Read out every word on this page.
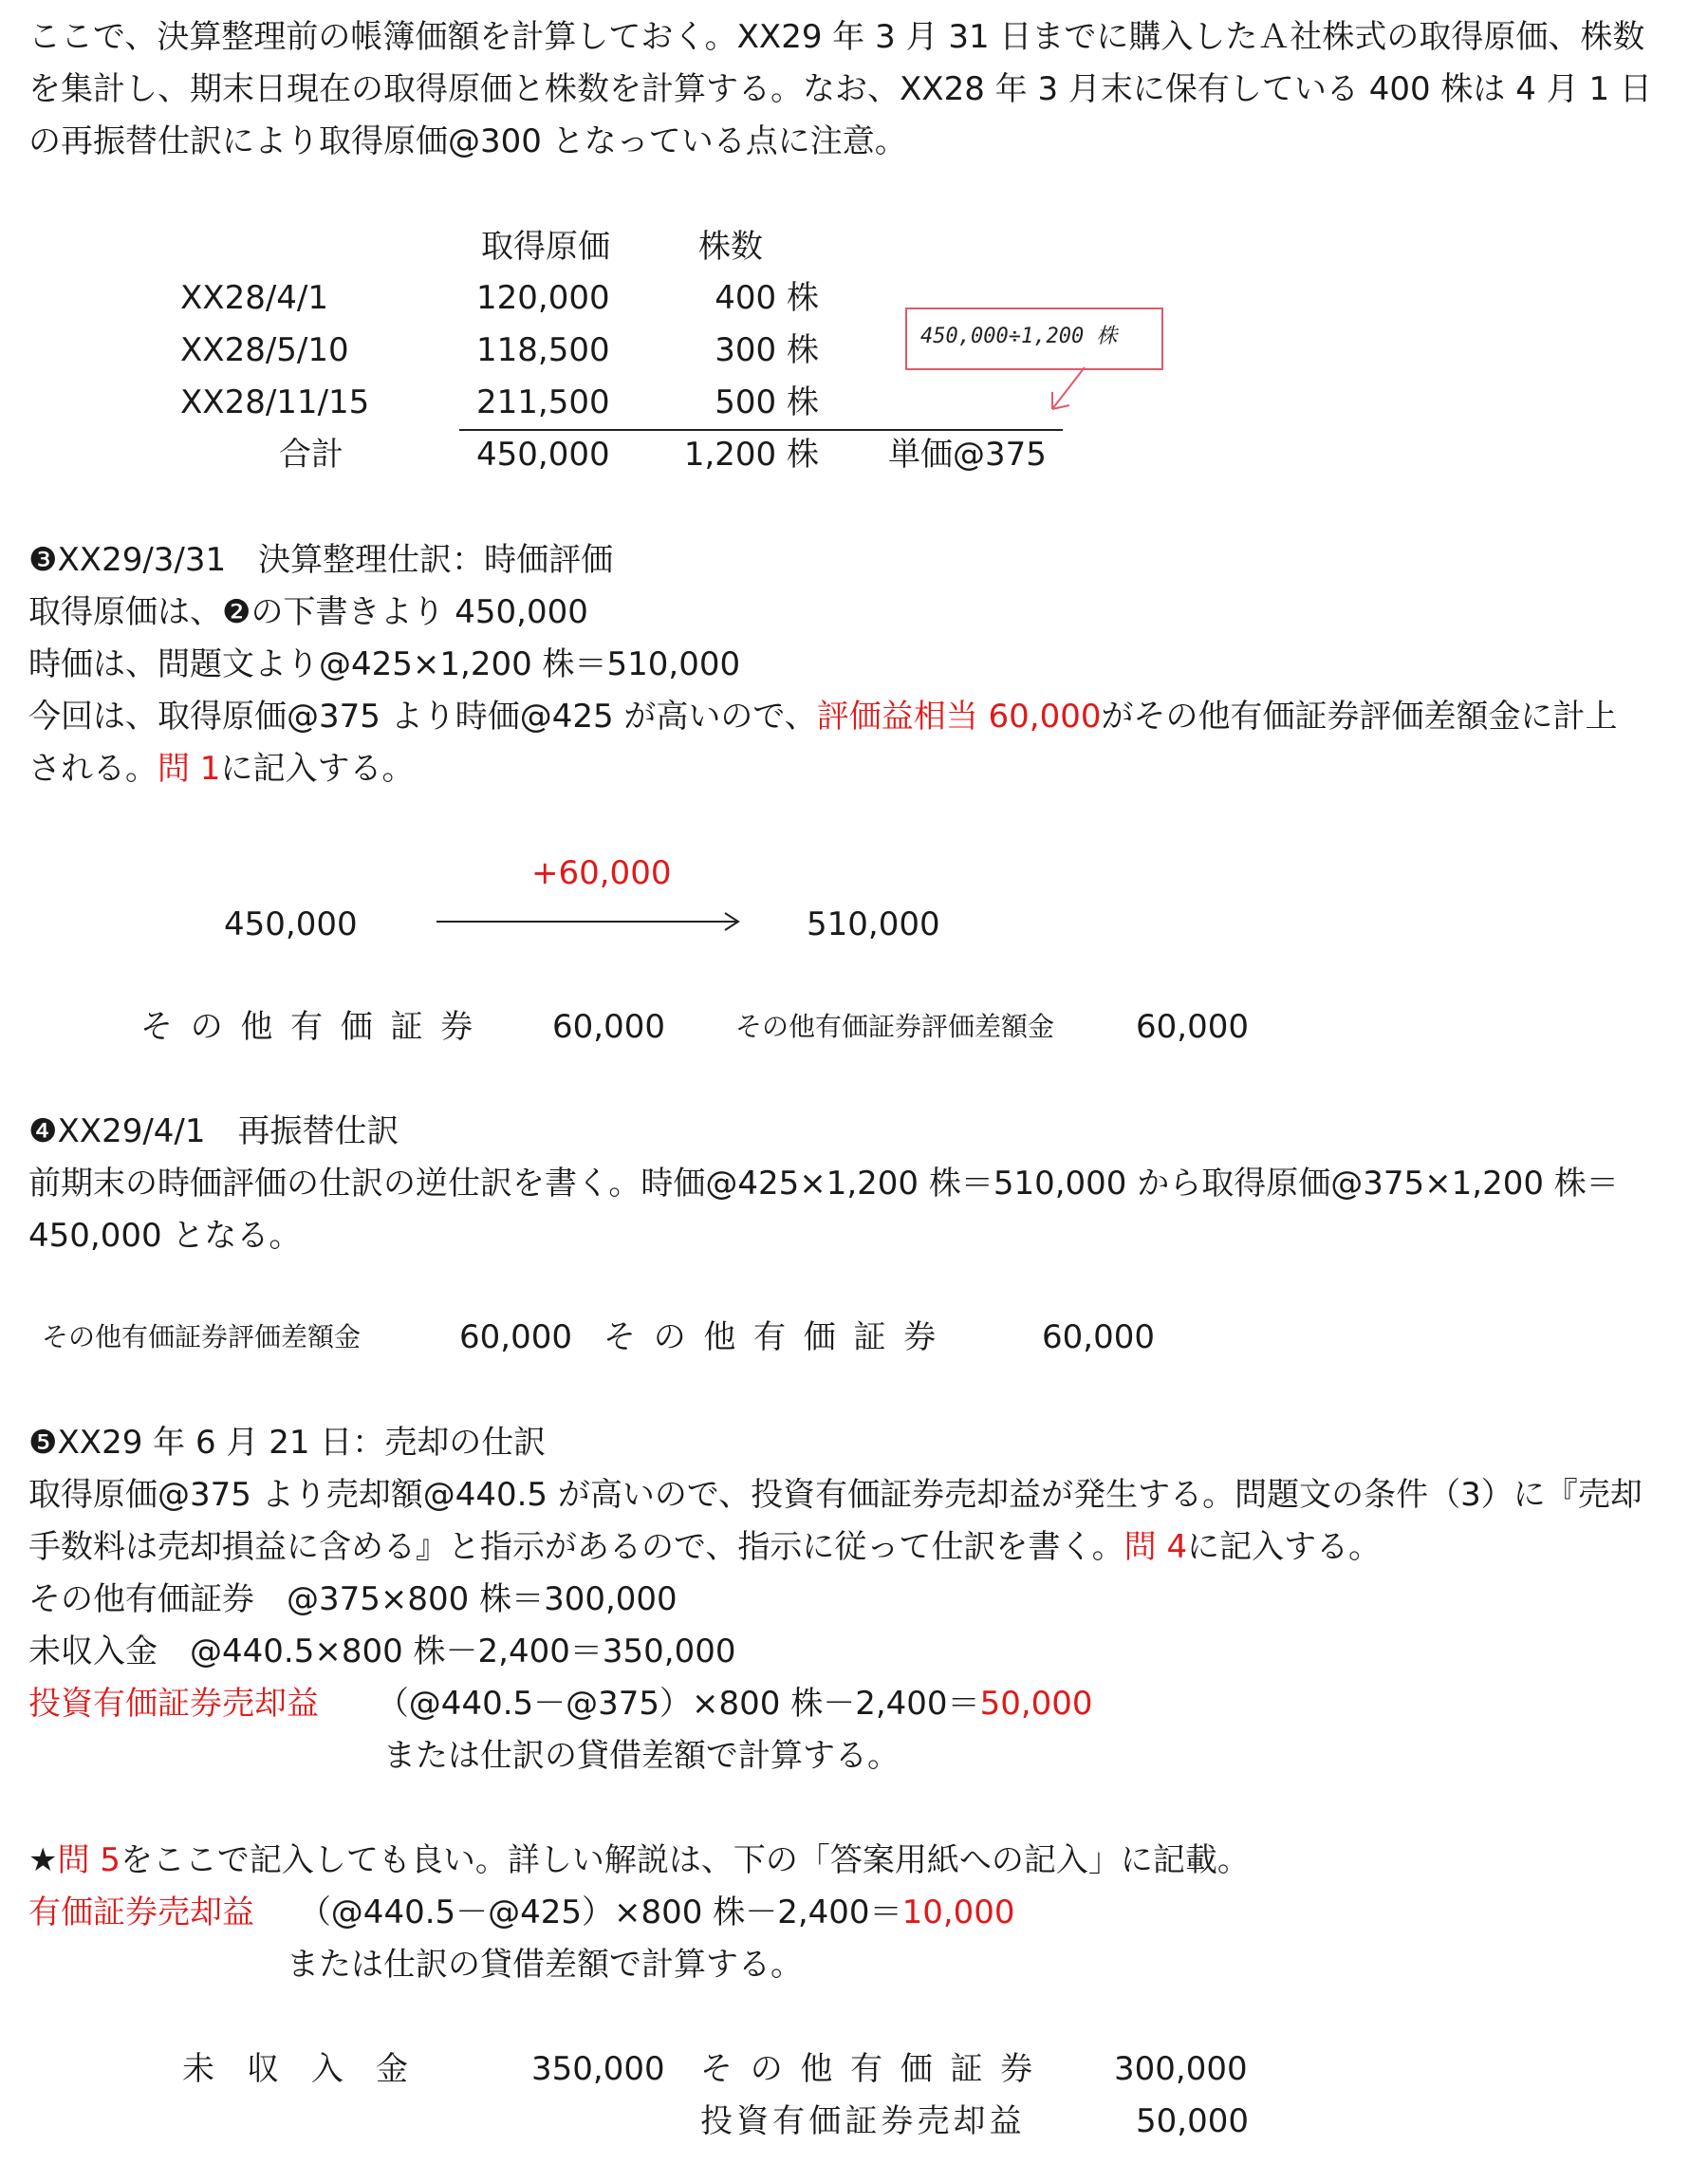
ここで、決算整理前の帳簿価額を計算しておく。XX29 年 3 月 31 日までに購入したＡ社株式の取得原価、株数
を集計し、期末日現在の取得原価と株数を計算する。なお、XX28 年 3 月末に保有している 400 株は 4 月 1 日
の再振替仕訳により取得原価@300 となっている点に注意。
取得原価	株数
XX28/4/1	120,000	400 株
XX28/5/10	118,500	300 株
XX28/11/15	211,500	500 株
合計	450,000	1,200 株 単価@375
450,000÷1,200 株
❸XX29/3/31　決算整理仕訳：時価評価
取得原価は、❷の下書きより 450,000
時価は、問題文より@425×1,200 株＝510,000
今回は、取得原価@375 より時価@425 が高いので、評価益相当 60,000がその他有価証券評価差額金に計上
される。問 1に記入する。
+60,000
450,000	510,000
その他有価証券 60,000	その他有価証券評価差額金	60,000
❹XX29/4/1　再振替仕訳
前期末の時価評価の仕訳の逆仕訳を書く。時価@425×1,200 株＝510,000 から取得原価@375×1,200 株＝
450,000 となる。
その他有価証券評価差額金	60,000 その他有価証券	60,000
❺XX29 年 6 月 21 日：売却の仕訳
取得原価@375 より売却額@440.5 が高いので、投資有価証券売却益が発生する。問題文の条件（3）に『売却
手数料は売却損益に含める』と指示があるので、指示に従って仕訳を書く。問 4に記入する。
その他有価証券　@375×800 株＝300,000
未収入金　@440.5×800 株－2,400＝350,000
投資有価証券売却益 （@440.5－@375）×800 株－2,400＝50,000
または仕訳の貸借差額で計算する。
★問 5をここで記入しても良い。詳しい解説は、下の「答案用紙への記入」に記載。
有価証券売却益 （@440.5－@425）×800 株－2,400＝10,000
または仕訳の貸借差額で計算する。
未収入金	350,000 その他有価証券 300,000
投資有価証券売却益	50,000
